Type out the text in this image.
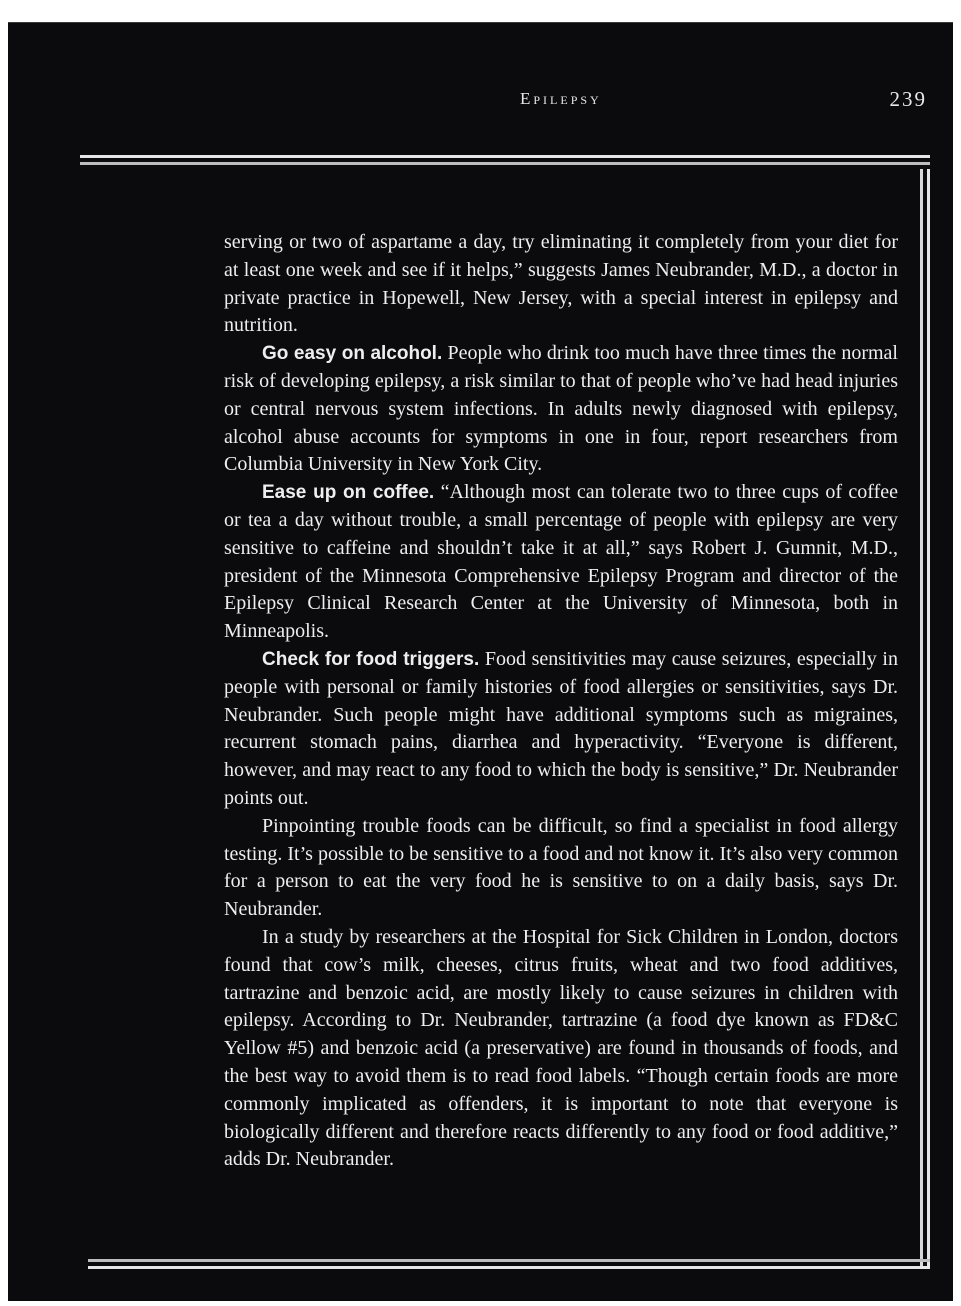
Epilepsy	239

serving or two of aspartame a day, try eliminating it completely from your diet for at least one week and see if it helps,” suggests James Neubrander, M.D., a doctor in private practice in Hopewell, New Jersey, with a special interest in epilepsy and nutrition.

Go easy on alcohol. People who drink too much have three times the normal risk of developing epilepsy, a risk similar to that of people who’ve had head injuries or central nervous system infections. In adults newly diagnosed with epilepsy, alcohol abuse accounts for symptoms in one in four, report researchers from Columbia University in New York City.

Ease up on coffee. “Although most can tolerate two to three cups of coffee or tea a day without trouble, a small percentage of people with epilepsy are very sensitive to caffeine and shouldn’t take it at all,” says Robert J. Gumnit, M.D., president of the Minnesota Comprehensive Epilepsy Program and director of the Epilepsy Clinical Research Center at the University of Minnesota, both in Minneapolis.

Check for food triggers. Food sensitivities may cause seizures, especially in people with personal or family histories of food allergies or sensitivities, says Dr. Neubrander. Such people might have additional symptoms such as migraines, recurrent stomach pains, diarrhea and hyperactivity. “Everyone is different, however, and may react to any food to which the body is sensitive,” Dr. Neubrander points out.

Pinpointing trouble foods can be difficult, so find a specialist in food allergy testing. It’s possible to be sensitive to a food and not know it. It’s also very common for a person to eat the very food he is sensitive to on a daily basis, says Dr. Neubrander.

In a study by researchers at the Hospital for Sick Children in London, doctors found that cow’s milk, cheeses, citrus fruits, wheat and two food additives, tartrazine and benzoic acid, are mostly likely to cause seizures in children with epilepsy. According to Dr. Neubrander, tartrazine (a food dye known as FD&C Yellow #5) and benzoic acid (a preservative) are found in thousands of foods, and the best way to avoid them is to read food labels. “Though certain foods are more commonly implicated as offenders, it is important to note that everyone is biologically different and therefore reacts differently to any food or food additive,” adds Dr. Neubrander.
